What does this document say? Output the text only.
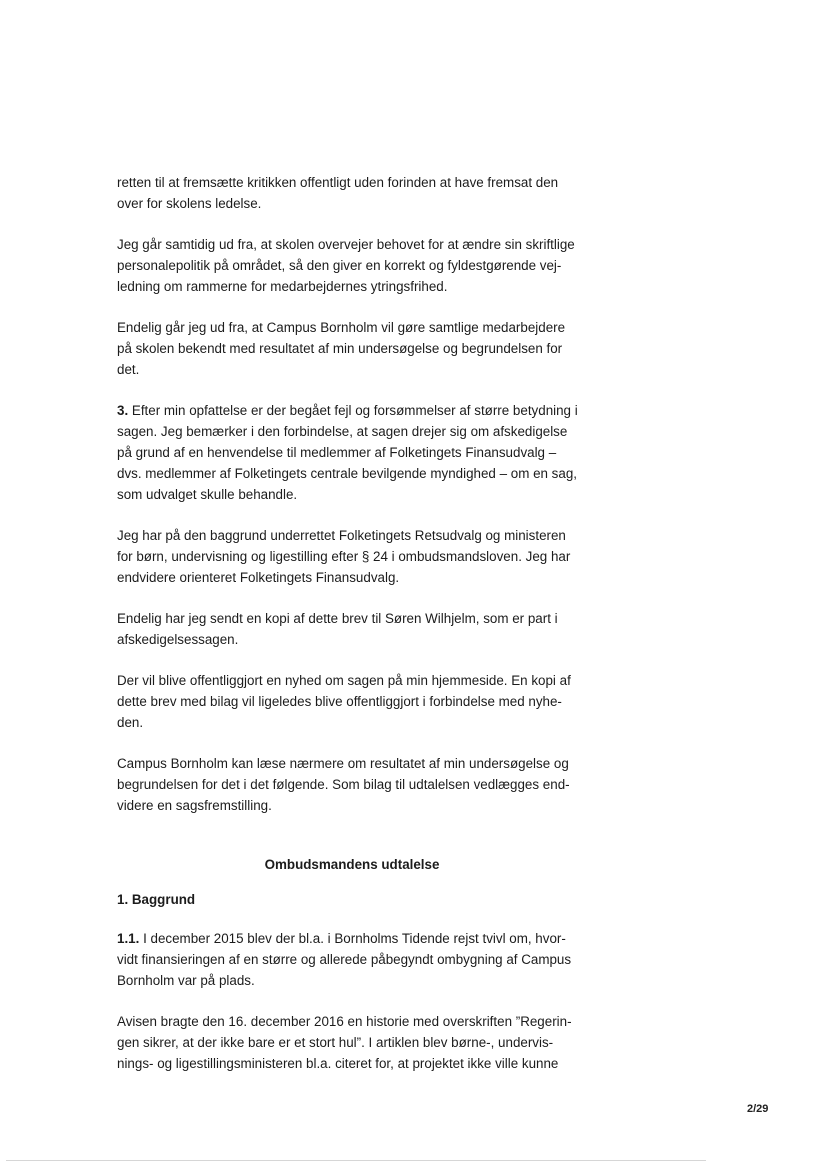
retten til at fremsætte kritikken offentligt uden forinden at have fremsat den
over for skolens ledelse.

Jeg går samtidig ud fra, at skolen overvejer behovet for at ændre sin skriftlige
personalepolitik på området, så den giver en korrekt og fyldestgørende vej-
ledning om rammerne for medarbejdernes ytringsfrihed.

Endelig går jeg ud fra, at Campus Bornholm vil gøre samtlige medarbejdere
på skolen bekendt med resultatet af min undersøgelse og begrundelsen for
det.

3. Efter min opfattelse er der begået fejl og forsømmelser af større betydning i
sagen. Jeg bemærker i den forbindelse, at sagen drejer sig om afskedigelse
på grund af en henvendelse til medlemmer af Folketingets Finansudvalg –
dvs. medlemmer af Folketingets centrale bevilgende myndighed – om en sag,
som udvalget skulle behandle.

Jeg har på den baggrund underrettet Folketingets Retsudvalg og ministeren
for børn, undervisning og ligestilling efter § 24 i ombudsmandsloven. Jeg har
endvidere orienteret Folketingets Finansudvalg.

Endelig har jeg sendt en kopi af dette brev til Søren Wilhjelm, som er part i
afskedigelsessagen.

Der vil blive offentliggjort en nyhed om sagen på min hjemmeside. En kopi af
dette brev med bilag vil ligeledes blive offentliggjort i forbindelse med nyhe-
den.

Campus Bornholm kan læse nærmere om resultatet af min undersøgelse og
begrundelsen for det i det følgende. Som bilag til udtalelsen vedlægges end-
videre en sagsfremstilling.

Ombudsmandens udtalelse
1. Baggrund

1.1. I december 2015 blev der bl.a. i Bornholms Tidende rejst tvivl om, hvor-
vidt finansieringen af en større og allerede påbegyndt ombygning af Campus
Bornholm var på plads.

Avisen bragte den 16. december 2016 en historie med overskriften ”Regerin-
gen sikrer, at der ikke bare er et stort hul”. I artiklen blev børne-, undervis-
nings- og ligestillingsministeren bl.a. citeret for, at projektet ikke ville kunne

2/29
